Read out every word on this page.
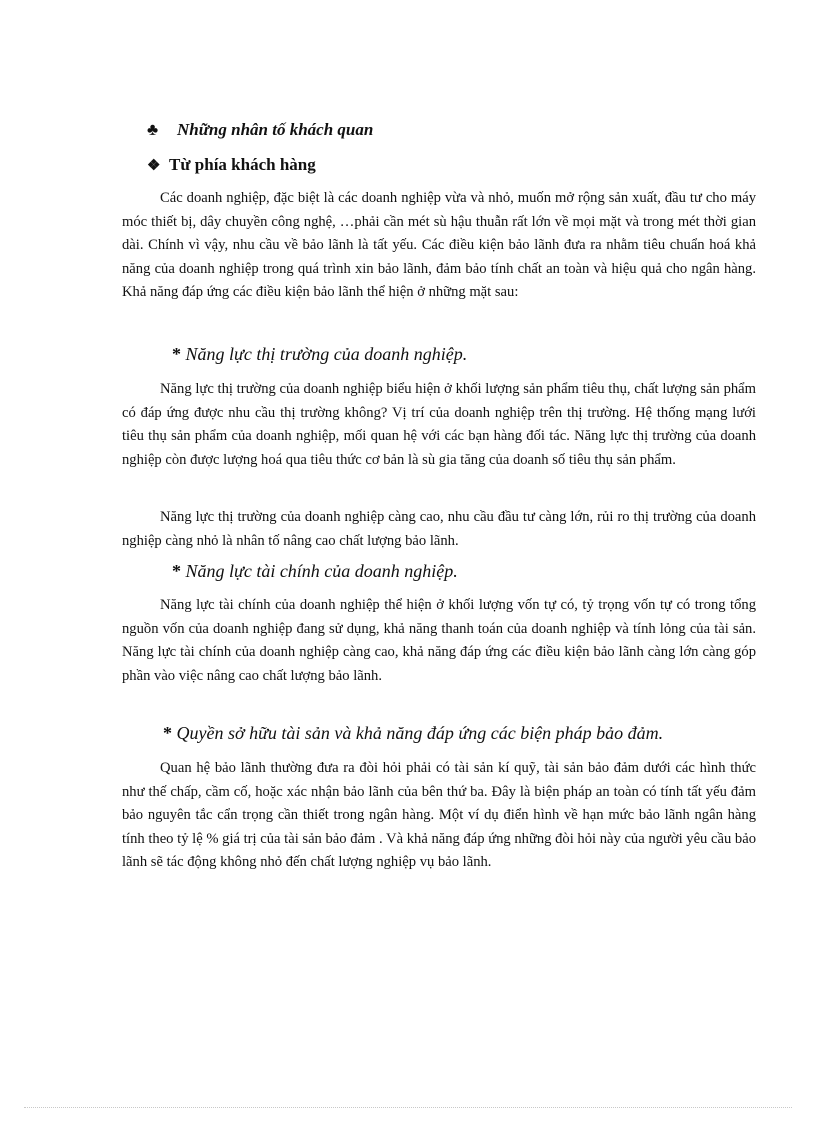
♣ Những nhân tố khách quan
❖ Từ phía khách hàng

Các doanh nghiệp, đặc biệt là các doanh nghiệp vừa và nhỏ, muốn mở rộng sản xuất, đầu tư cho máy móc thiết bị, dây chuyền công nghệ, …phải cần mét sù hậu thuẫn rất lớn về mọi mặt và trong mét thời gian dài. Chính vì vậy, nhu cầu về bảo lãnh là tất yếu. Các điều kiện bảo lãnh đưa ra nhằm tiêu chuẩn hoá khả năng của doanh nghiệp trong quá trình xin bảo lãnh, đảm bảo tính chất an toàn và hiệu quả cho ngân hàng. Khả năng đáp ứng các điều kiện bảo lãnh thể hiện ở những mặt sau:

* Năng lực thị trường của doanh nghiệp.

Năng lực thị trường của doanh nghiệp biểu hiện ở khối lượng sản phẩm tiêu thụ, chất lượng sản phẩm có đáp ứng được nhu cầu thị trường không? Vị trí của doanh nghiệp trên thị trường. Hệ thống mạng lưới tiêu thụ sản phẩm của doanh nghiệp, mối quan hệ với các bạn hàng đối tác. Năng lực thị trường của doanh nghiệp còn được lượng hoá qua tiêu thức cơ bản là sù gia tăng của doanh số tiêu thụ sản phẩm.

Năng lực thị trường của doanh nghiệp càng cao, nhu cầu đầu tư càng lớn, rủi ro thị trường của doanh nghiệp càng nhỏ là nhân tố nâng cao chất lượng bảo lãnh.

* Năng lực tài chính của doanh nghiệp.

Năng lực tài chính của doanh nghiệp thể hiện ở khối lượng vốn tự có, tỷ trọng vốn tự có trong tổng nguồn vốn của doanh nghiệp đang sử dụng, khả năng thanh toán của doanh nghiệp và tính lỏng của tài sản. Năng lực tài chính của doanh nghiệp càng cao, khả năng đáp ứng các điều kiện bảo lãnh càng lớn càng góp phần vào việc nâng cao chất lượng bảo lãnh.

* Quyền sở hữu tài sản và khả năng đáp ứng các biện pháp bảo đảm.

Quan hệ bảo lãnh thường đưa ra đòi hỏi phải có tài sản kí quỹ, tài sản bảo đảm dưới các hình thức như thế chấp, cầm cố, hoặc xác nhận bảo lãnh của bên thứ ba. Đây là biện pháp an toàn có tính tất yếu đảm bảo nguyên tắc cẩn trọng cần thiết trong ngân hàng. Một ví dụ điển hình về hạn mức bảo lãnh ngân hàng tính theo tỷ lệ % giá trị của tài sản bảo đảm . Và khả năng đáp ứng những đòi hỏi này của người yêu cầu bảo lãnh sẽ tác động không nhỏ đến chất lượng nghiệp vụ bảo lãnh.
